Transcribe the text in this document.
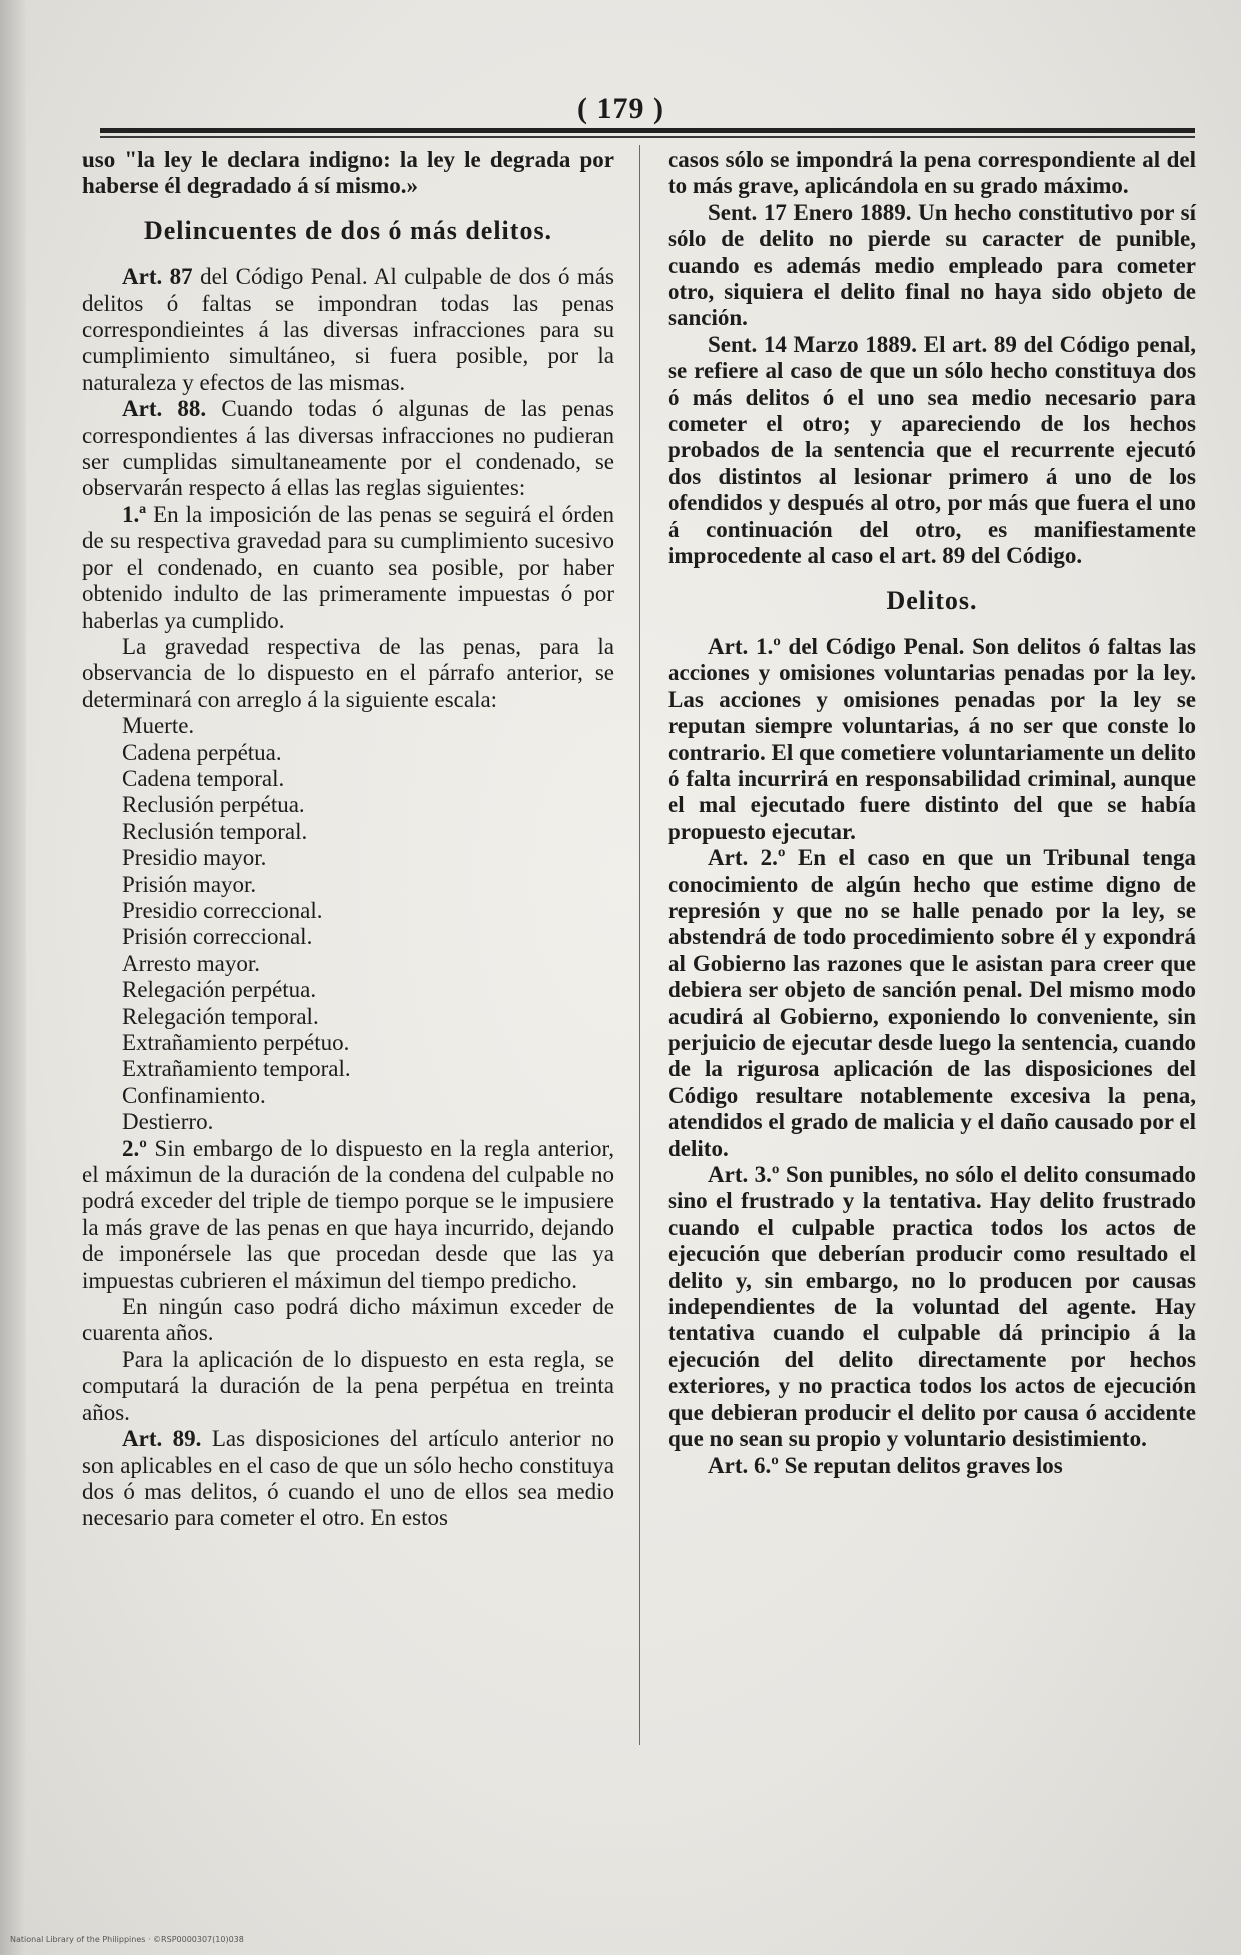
( 179 )

uso "la ley le declara indigno: la ley le degrada por haberse él degradado á sí mismo.»

Delincuentes de dos ó más delitos.

Art. 87 del Código Penal. Al culpable de dos ó más delitos ó faltas se impondran todas las penas correspondieintes á las diversas infracciones para su cumplimiento simultáneo, si fuera posible, por la naturaleza y efectos de las mismas.

Art. 88. Cuando todas ó algunas de las penas correspondientes á las diversas infracciones no pudieran ser cumplidas simultaneamente por el condenado, se observarán respecto á ellas las reglas siguientes:

1.ª En la imposición de las penas se seguirá el órden de su respectiva gravedad para su cumplimiento sucesivo por el condenado, en cuanto sea posible, por haber obtenido indulto de las primeramente impuestas ó por haberlas ya cumplido.

La gravedad respectiva de las penas, para la observancia de lo dispuesto en el párrafo anterior, se determinará con arreglo á la siguiente escala:

Muerte.

Cadena perpétua.

Cadena temporal.

Reclusión perpétua.

Reclusión temporal.

Presidio mayor.

Prisión mayor.

Presidio correccional.

Prisión correccional.

Arresto mayor.

Relegación perpétua.

Relegación temporal.

Extrañamiento perpétuo.

Extrañamiento temporal.

Confinamiento.

Destierro.

2.º Sin embargo de lo dispuesto en la regla anterior, el máximun de la duración de la condena del culpable no podrá exceder del triple de tiempo porque se le impusiere la más grave de las penas en que haya incurrido, dejando de imponérsele las que procedan desde que las ya impuestas cubrieren el máximun del tiempo predicho.

En ningún caso podrá dicho máximun exceder de cuarenta años.

Para la aplicación de lo dispuesto en esta regla, se computará la duración de la pena perpétua en treinta años.

Art. 89. Las disposiciones del artículo anterior no son aplicables en el caso de que un sólo hecho constituya dos ó mas delitos, ó cuando el uno de ellos sea medio necesario para cometer el otro. En estos

casos sólo se impondrá la pena correspondiente al del to más grave, aplicándola en su grado máximo.

Sent. 17 Enero 1889. Un hecho constitutivo por sí sólo de delito no pierde su caracter de punible, cuando es además medio empleado para cometer otro, siquiera el delito final no haya sido objeto de sanción.

Sent. 14 Marzo 1889. El art. 89 del Código penal, se refiere al caso de que un sólo hecho constituya dos ó más delitos ó el uno sea medio necesario para cometer el otro; y apareciendo de los hechos probados de la sentencia que el recurrente ejecutó dos distintos al lesionar primero á uno de los ofendidos y después al otro, por más que fuera el uno á continuación del otro, es manifiestamente improcedente al caso el art. 89 del Código.

Delitos.

Art. 1.º del Código Penal. Son delitos ó faltas las acciones y omisiones voluntarias penadas por la ley. Las acciones y omisiones penadas por la ley se reputan siempre voluntarias, á no ser que conste lo contrario. El que cometiere voluntariamente un delito ó falta incurrirá en responsabilidad criminal, aunque el mal ejecutado fuere distinto del que se había propuesto ejecutar.

Art. 2.º En el caso en que un Tribunal tenga conocimiento de algún hecho que estime digno de represión y que no se halle penado por la ley, se abstendrá de todo procedimiento sobre él y expondrá al Gobierno las razones que le asistan para creer que debiera ser objeto de sanción penal. Del mismo modo acudirá al Gobierno, exponiendo lo conveniente, sin perjuicio de ejecutar desde luego la sentencia, cuando de la rigurosa aplicación de las disposiciones del Código resultare notablemente excesiva la pena, atendidos el grado de malicia y el daño causado por el delito.

Art. 3.º Son punibles, no sólo el delito consumado sino el frustrado y la tentativa. Hay delito frustrado cuando el culpable practica todos los actos de ejecución que deberían producir como resultado el delito y, sin embargo, no lo producen por causas independientes de la voluntad del agente. Hay tentativa cuando el culpable dá principio á la ejecución del delito directamente por hechos exteriores, y no practica todos los actos de ejecución que debieran producir el delito por causa ó accidente que no sean su propio y voluntario desistimiento.

Art. 6.º Se reputan delitos graves los

National Library of the Philippines · ©RSP0000307(10)038
